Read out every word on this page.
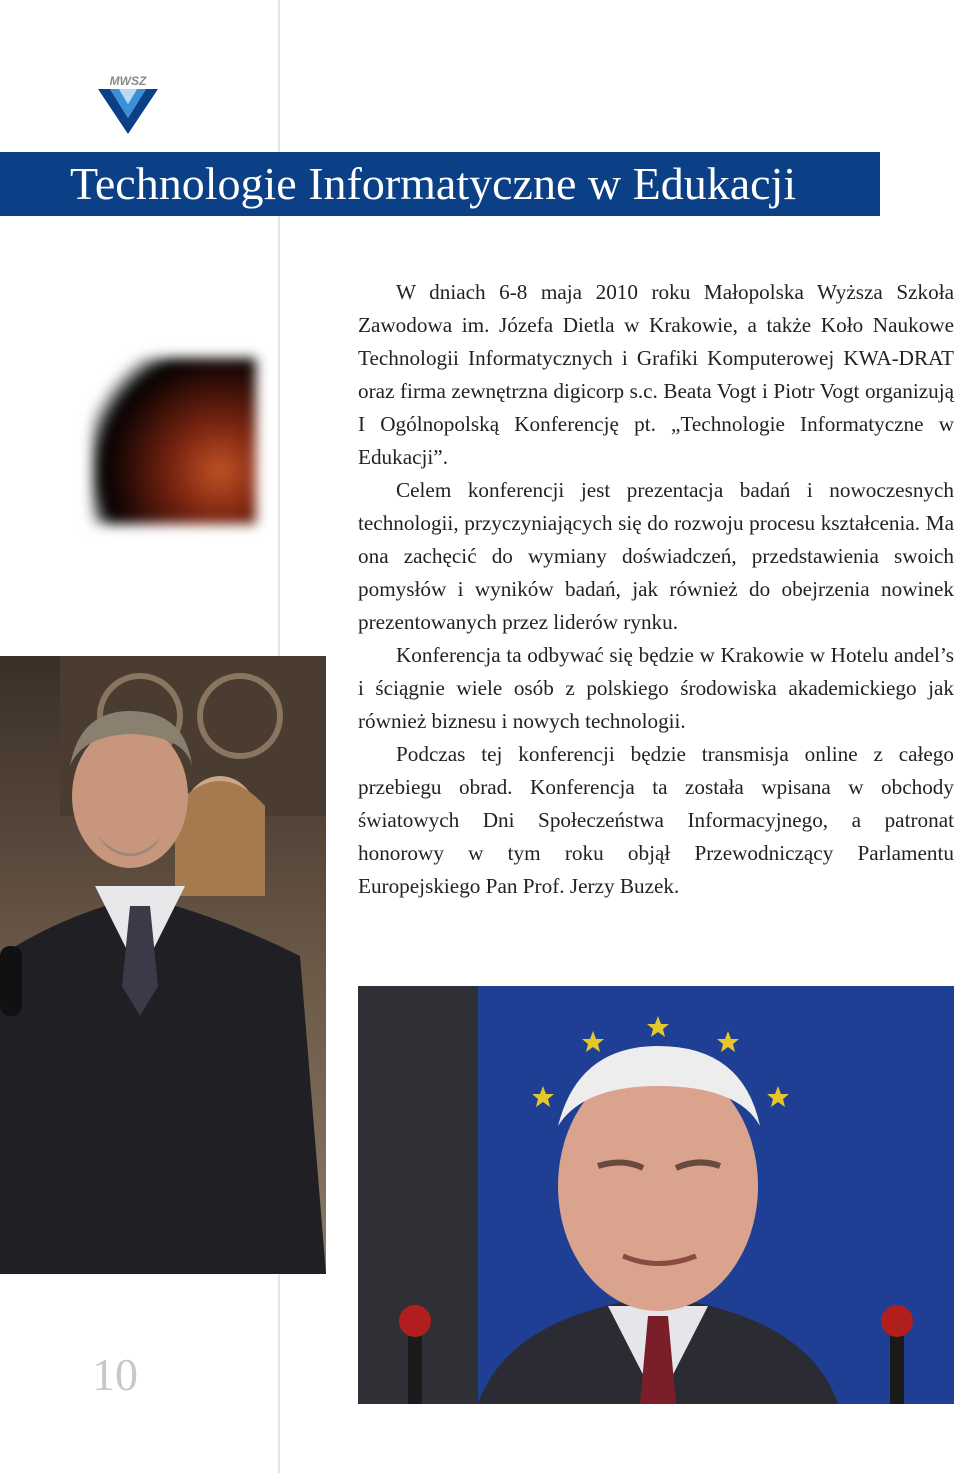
MWSZ
Technologie Informatyczne w Edukacji

W dniach 6-8 maja 2010 roku Małopolska Wyższa Szkoła Zawodowa im. Józefa Dietla w Krakowie, a także Koło Naukowe Technologii Informatycznych i Grafiki Komputerowej KWA-DRAT oraz firma zewnętrzna digicorp s.c. Beata Vogt i Piotr Vogt organizują I Ogólnopolską Konferencję pt. „Technologie Informatyczne w Edukacji”.

Celem konferencji jest prezentacja badań i nowoczesnych technologii, przyczyniających się do rozwoju procesu kształcenia. Ma ona zachęcić do wymiany doświadczeń, przedstawienia swoich pomysłów i wyników badań, jak również do obejrzenia nowinek prezentowanych przez liderów rynku.

Konferencja ta odbywać się będzie w Krakowie w Hotelu andel’s i ściągnie wiele osób z polskiego środowiska akademickiego jak również biznesu i nowych technologii.

Podczas tej konferencji będzie transmisja online z całego przebiegu obrad. Konferencja ta została wpisana w obchody światowych Dni Społeczeństwa Informacyjnego, a patronat honorowy w tym roku objął Przewodniczący Parlamentu Europejskiego Pan Prof. Jerzy Buzek.

10
